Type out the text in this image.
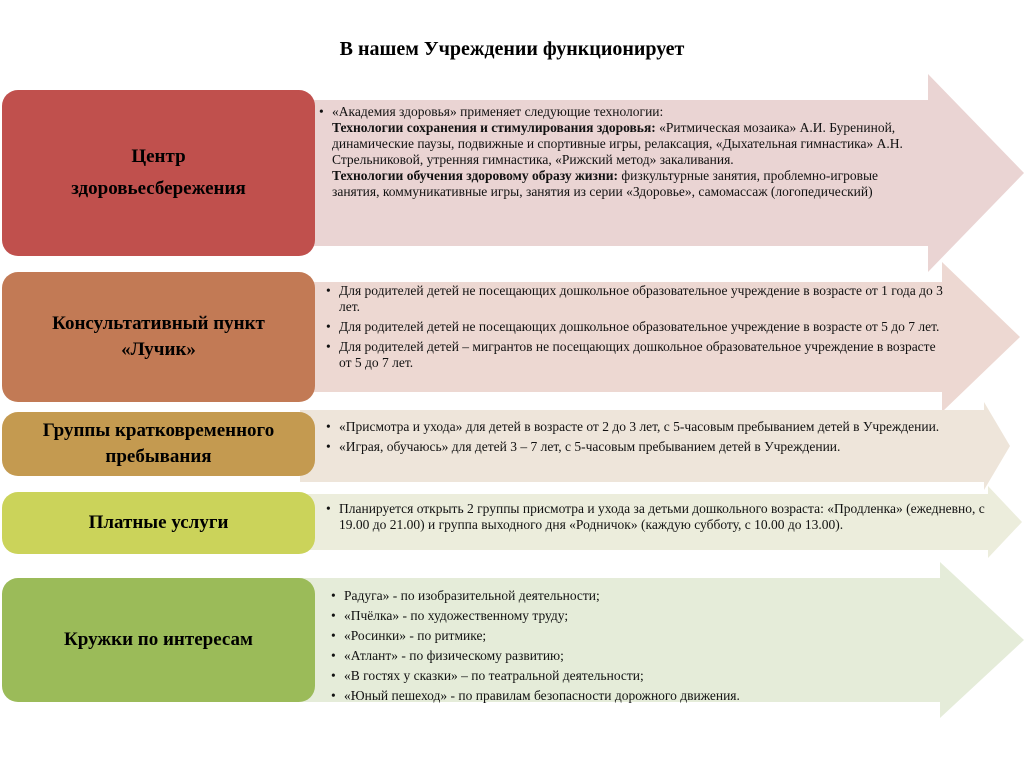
В нашем Учреждении функционирует
Центр
здоровьесбережения
Консультативный пункт
«Лучик»
Группы кратковременного
пребывания
Платные услуги
Кружки по интересам
• «Академия здоровья» применяет следующие технологии:
Технологии сохранения и стимулирования здоровья: «Ритмическая мозаика» А.И. Бурениной, динамические паузы, подвижные и спортивные игры, релаксация, «Дыхательная гимнастика» А.Н. Стрельниковой, утренняя гимнастика, «Рижский метод» закаливания.
Технологии обучения здоровому образу жизни: физкультурные занятия, проблемно-игровые занятия, коммуникативные игры, занятия из серии «Здоровье», самомассаж (логопедический)
• Для родителей детей не посещающих дошкольное образовательное учреждение в возрасте от 1 года до 3 лет.
• Для родителей детей не посещающих дошкольное образовательное учреждение в возрасте от 5 до 7 лет.
• Для родителей детей – мигрантов не посещающих дошкольное образовательное учреждение в возрасте от 5 до 7 лет.
• «Присмотра и ухода» для детей в возрасте от 2 до 3 лет, с 5-часовым пребыванием детей в Учреждении.
• «Играя, обучаюсь» для детей 3 – 7 лет, с 5-часовым пребыванием детей в Учреждении.
• Планируется открыть 2 группы присмотра и ухода за детьми дошкольного возраста: «Продленка» (ежедневно, с 19.00 до 21.00) и группа выходного дня «Родничок» (каждую субботу, с 10.00 до 13.00).
• Радуга» - по изобразительной деятельности;
• «Пчёлка» - по художественному труду;
• «Росинки» - по ритмике;
• «Атлант» - по физическому развитию;
• «В гостях у сказки» – по театральной деятельности;
• «Юный пешеход» - по правилам безопасности дорожного движения.
